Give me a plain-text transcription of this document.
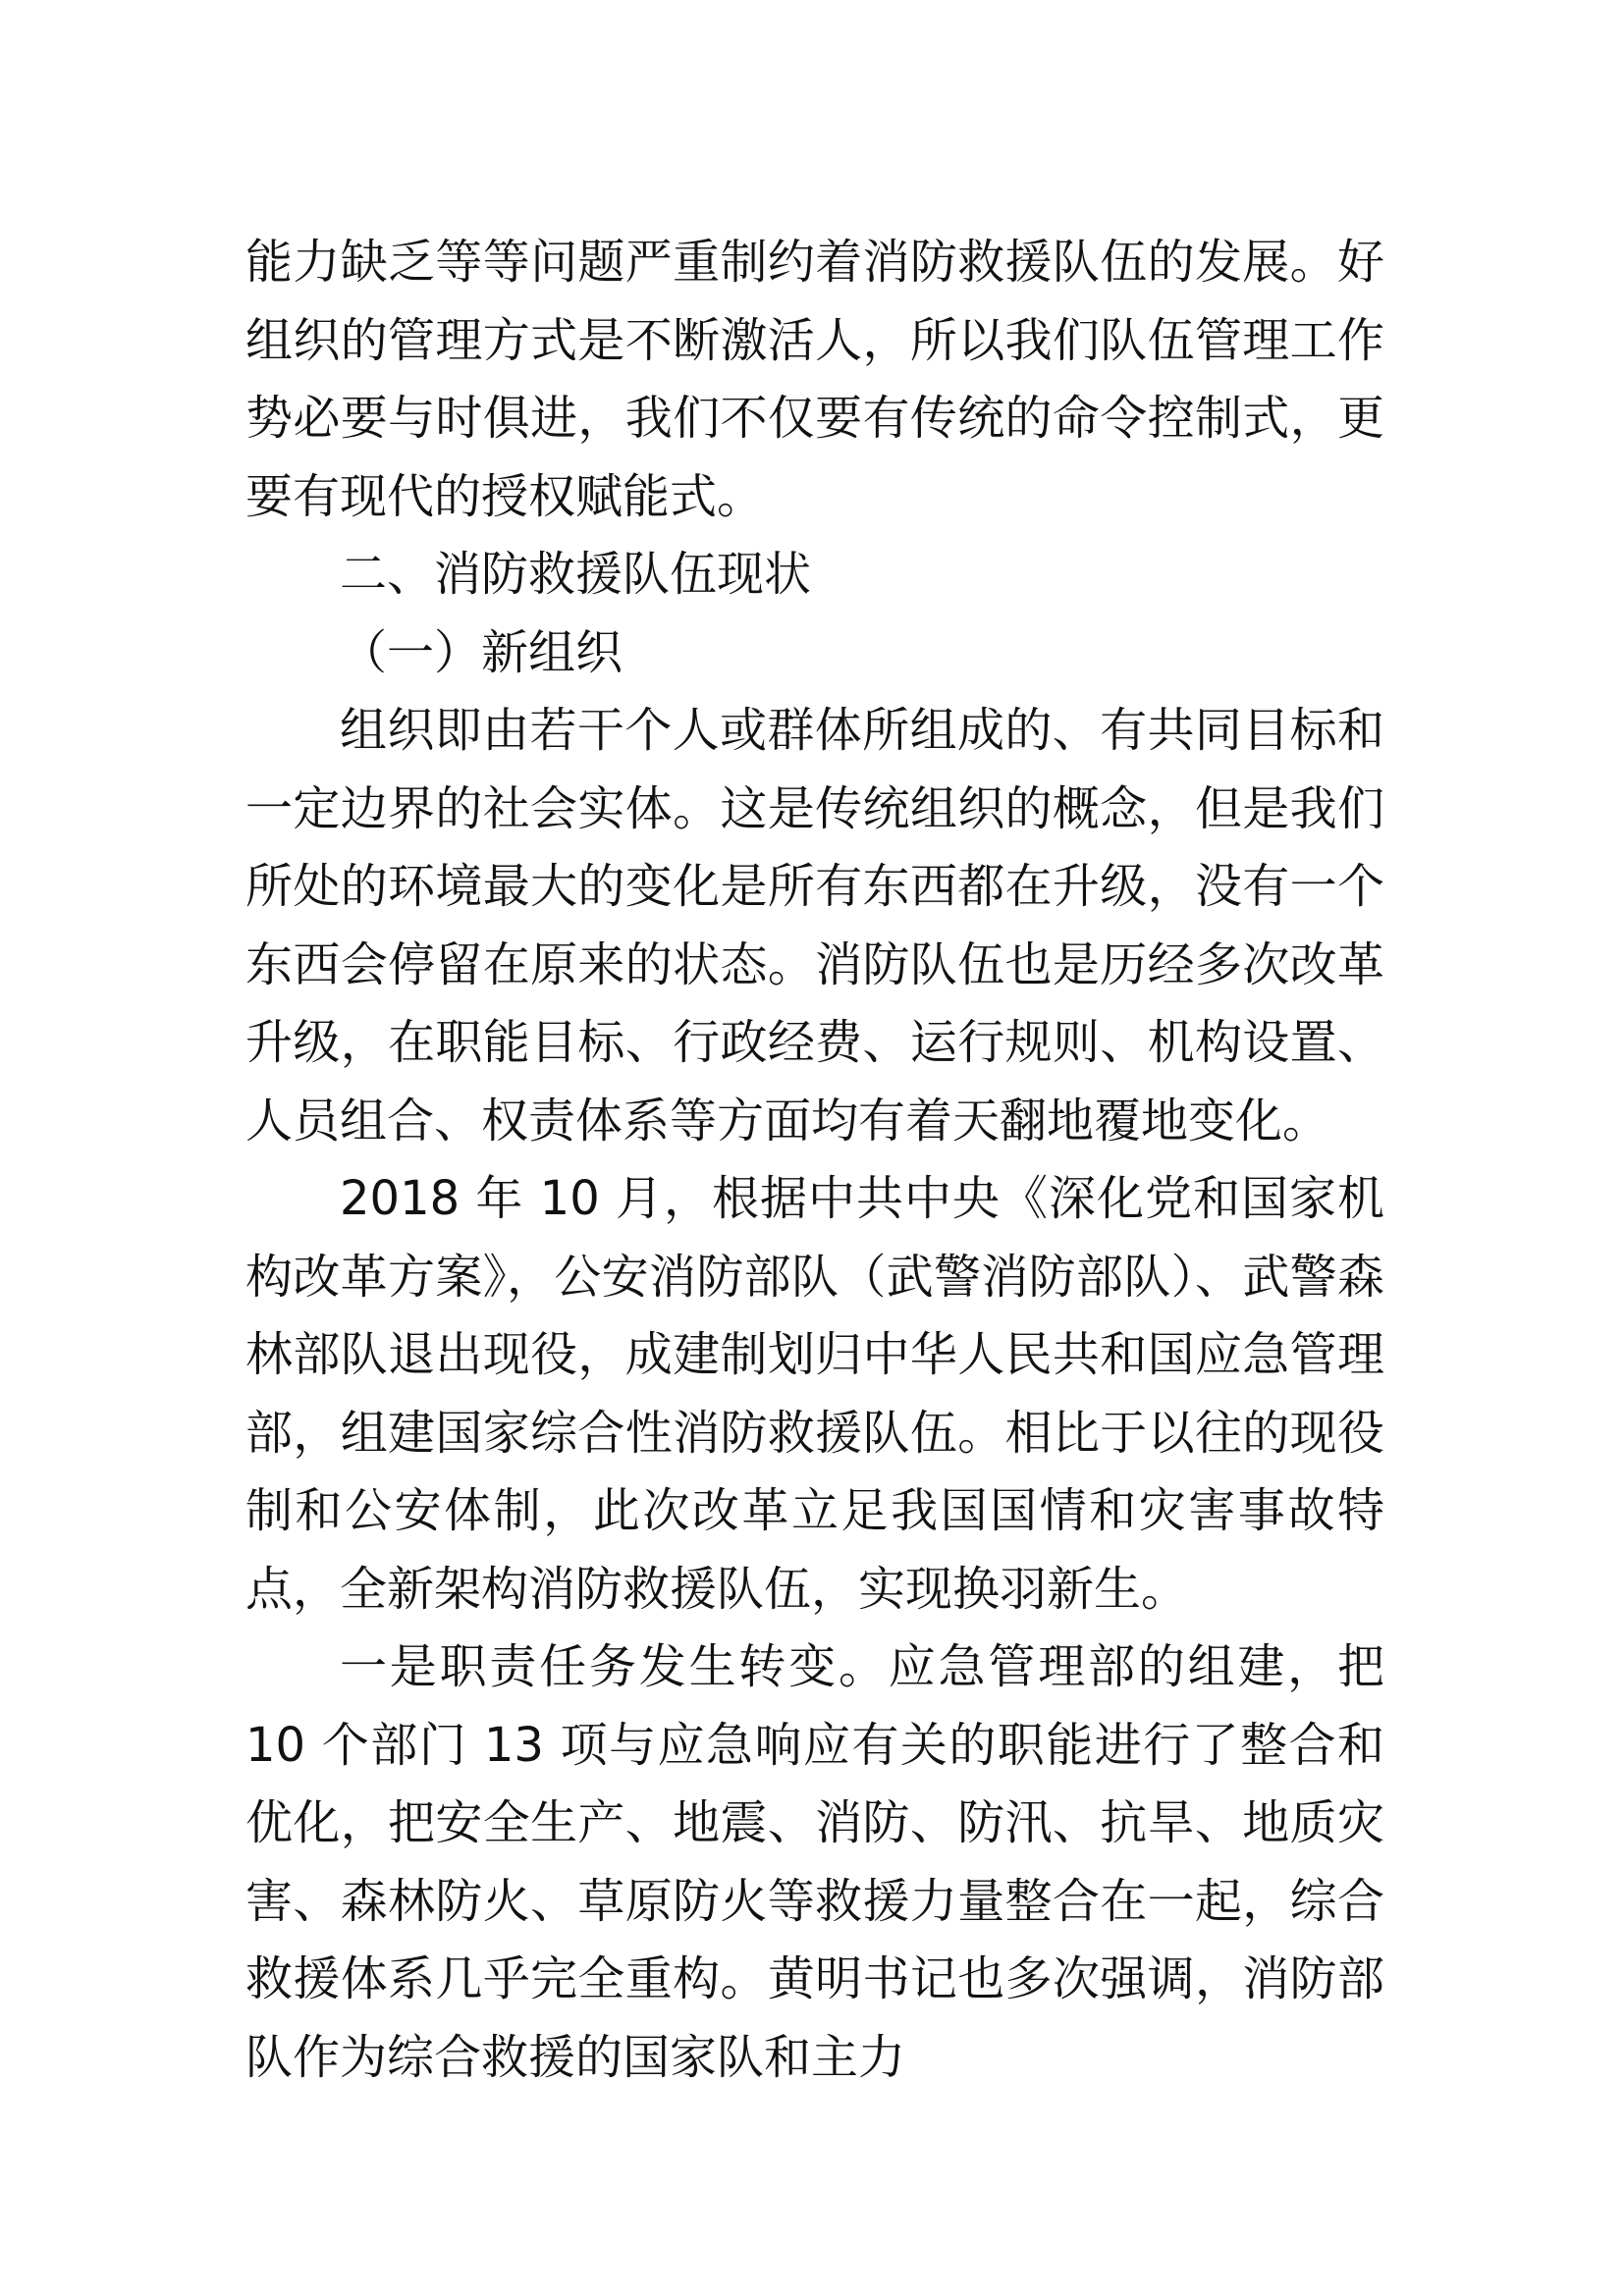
能力缺乏等等问题严重制约着消防救援队伍的发展。好组织的管理方式是不断激活人，所以我们队伍管理工作势必要与时俱进，我们不仅要有传统的命令控制式，更要有现代的授权赋能式。

二、消防救援队伍现状

（一）新组织

组织即由若干个人或群体所组成的、有共同目标和一定边界的社会实体。这是传统组织的概念，但是我们所处的环境最大的变化是所有东西都在升级，没有一个东西会停留在原来的状态。消防队伍也是历经多次改革升级，在职能目标、行政经费、运行规则、机构设置、人员组合、权责体系等方面均有着天翻地覆地变化。

2018 年 10 月，根据中共中央《深化党和国家机构改革方案》，公安消防部队（武警消防部队）、武警森林部队退出现役，成建制划归中华人民共和国应急管理部，组建国家综合性消防救援队伍。相比于以往的现役制和公安体制，此次改革立足我国国情和灾害事故特点，全新架构消防救援队伍，实现换羽新生。

一是职责任务发生转变。应急管理部的组建，把 10 个部门 13 项与应急响应有关的职能进行了整合和优化，把安全生产、地震、消防、防汛、抗旱、地质灾害、森林防火、草原防火等救援力量整合在一起，综合救援体系几乎完全重构。黄明书记也多次强调，消防部队作为综合救援的国家队和主力
